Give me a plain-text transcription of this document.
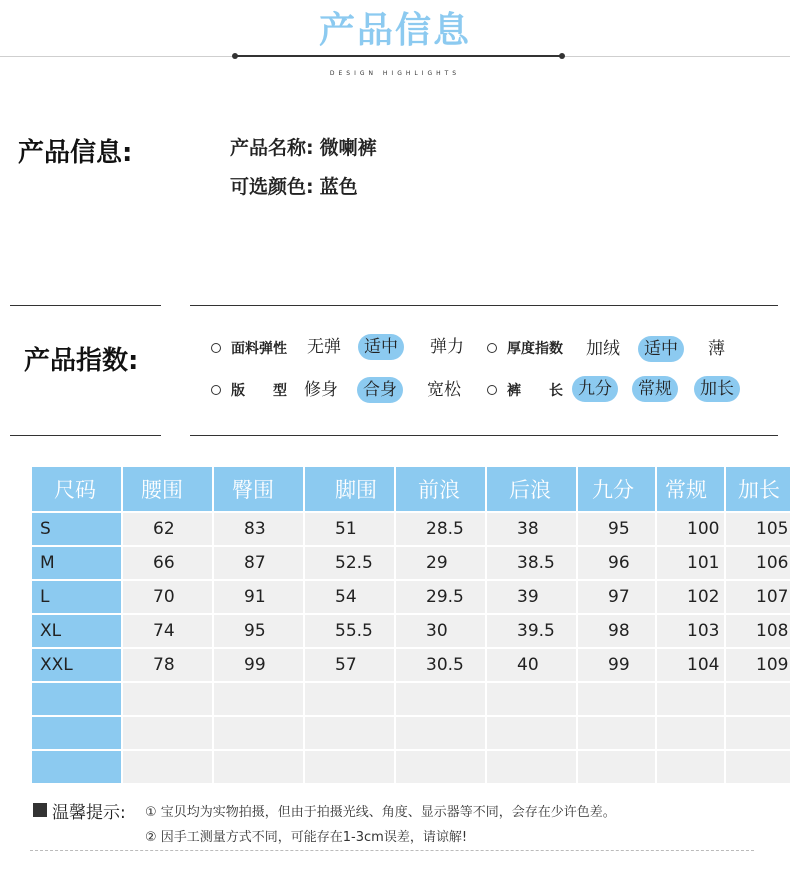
产品信息
DESIGN HIGHLIGHTS
产品信息:	产品名称: 微喇裤
可选颜色: 蓝色
产品指数:	面料弹性	无弹	适中	弹力	厚度指数	加绒	适中	薄
版　　型	修身	合身	宽松	裤　　长 九分	常规	加长
尺码	腰围	臀围	脚围	前浪	后浪	九分	常规	加长
S	62	83	51	28.5	38	95	100	105
M	66	87	52.5	29	38.5	96	101	106
L	70	91	54	29.5	39	97	102	107
XL	74	95	55.5	30	39.5	98	103	108
XXL	78	99	57	30.5	40	99	104	109

温馨提示: ① 宝贝均为实物拍摄，但由于拍摄光线、角度、显示器等不同，会存在少许色差。
② 因手工测量方式不同，可能存在1-3cm误差，请谅解!
